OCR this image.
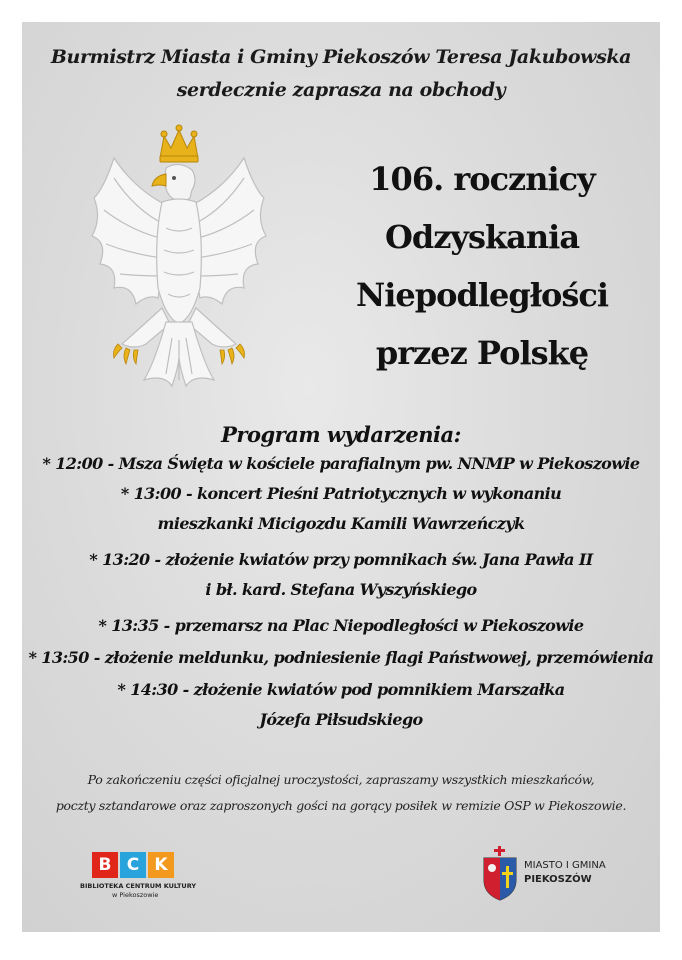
Burmistrz Miasta i Gminy Piekoszów Teresa Jakubowska
serdecznie zaprasza na obchody
106. rocznicy
Odzyskania
Niepodległości
przez Polskę
Program wydarzenia:
* 12:00 - Msza Święta w kościele parafialnym pw. NNMP w Piekoszowie
* 13:00 - koncert Pieśni Patriotycznych w wykonaniu
mieszkanki Micigozdu Kamili Wawrzeńczyk
* 13:20 - złożenie kwiatów przy pomnikach św. Jana Pawła II
i bł. kard. Stefana Wyszyńskiego
* 13:35 - przemarsz na Plac Niepodległości w Piekoszowie
* 13:50 - złożenie meldunku, podniesienie flagi Państwowej, przemówienia
* 14:30 - złożenie kwiatów pod pomnikiem Marszałka
Józefa Piłsudskiego
Po zakończeniu części oficjalnej uroczystości, zapraszamy wszystkich mieszkańców,
poczty sztandarowe oraz zaproszonych gości na gorący posiłek w remizie OSP w Piekoszowie.
B C K
BIBLIOTEKA CENTRUM KULTURY
w Piekoszowie
MIASTO I GMINA
PIEKOSZÓW
